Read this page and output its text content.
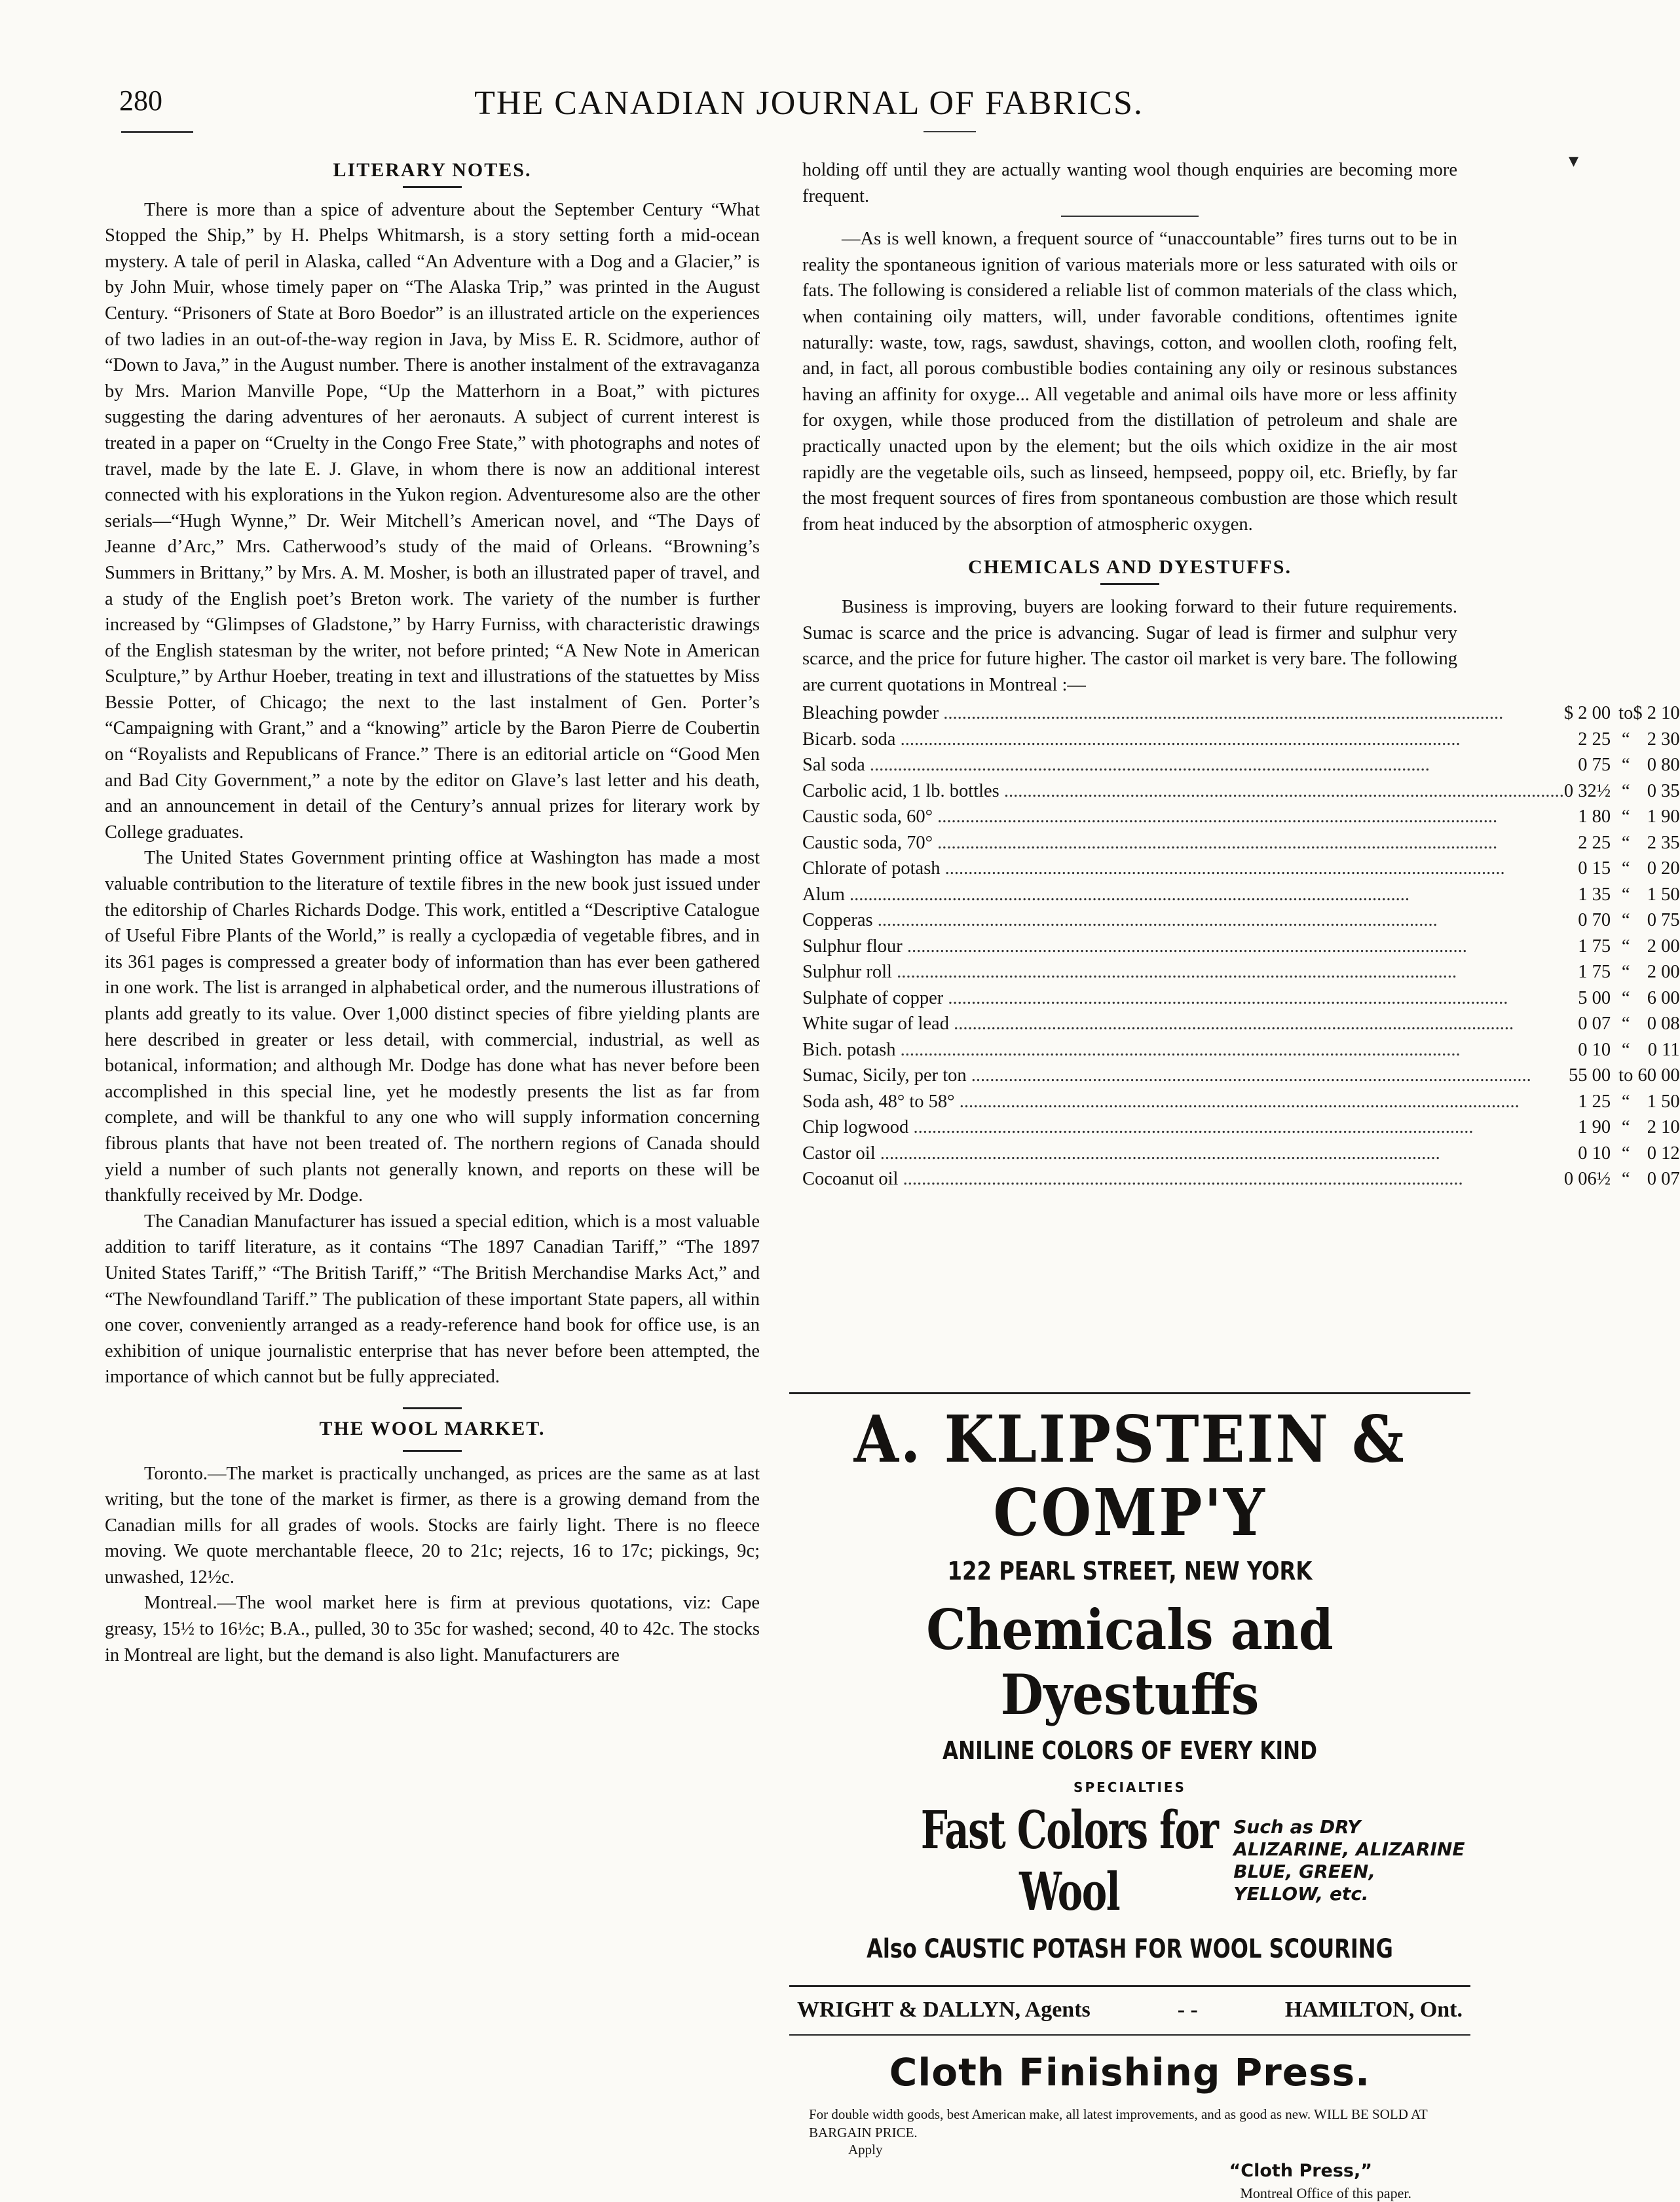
280	THE CANADIAN JOURNAL OF FABRICS.
LITERARY NOTES.

There is more than a spice of adventure about the September Century “What Stopped the Ship,” by H. Phelps Whitmarsh, is a story setting forth a mid-ocean mystery. A tale of peril in Alaska, called “An Adventure with a Dog and a Glacier,” is by John Muir, whose timely paper on “The Alaska Trip,” was printed in the August Century. “Prisoners of State at Boro Boedor” is an illustrated article on the experiences of two ladies in an out-of-the-way region in Java, by Miss E. R. Scidmore, author of “Down to Java,” in the August number. There is another instalment of the extravaganza by Mrs. Marion Manville Pope, “Up the Matterhorn in a Boat,” with pictures suggesting the daring adventures of her aeronauts. A subject of current interest is treated in a paper on “Cruelty in the Congo Free State,” with photographs and notes of travel, made by the late E. J. Glave, in whom there is now an additional interest connected with his explorations in the Yukon region. Adventuresome also are the other serials—“Hugh Wynne,” Dr. Weir Mitchell’s American novel, and “The Days of Jeanne d’Arc,” Mrs. Catherwood’s study of the maid of Orleans. “Browning’s Summers in Brittany,” by Mrs. A. M. Mosher, is both an illustrated paper of travel, and a study of the English poet’s Breton work. The variety of the number is further increased by “Glimpses of Gladstone,” by Harry Furniss, with characteristic drawings of the English statesman by the writer, not before printed; “A New Note in American Sculpture,” by Arthur Hoeber, treating in text and illustrations of the statuettes by Miss Bessie Potter, of Chicago; the next to the last instalment of Gen. Porter’s “Campaigning with Grant,” and a “knowing” article by the Baron Pierre de Coubertin on “Royalists and Republicans of France.” There is an editorial article on “Good Men and Bad City Government,” a note by the editor on Glave’s last letter and his death, and an announcement in detail of the Century’s annual prizes for literary work by College graduates.

The United States Government printing office at Washington has made a most valuable contribution to the literature of textile fibres in the new book just issued under the editorship of Charles Richards Dodge. This work, entitled a “Descriptive Catalogue of Useful Fibre Plants of the World,” is really a cyclopædia of vegetable fibres, and in its 361 pages is compressed a greater body of information than has ever been gathered in one work. The list is arranged in alphabetical order, and the numerous illustrations of plants add greatly to its value. Over 1,000 distinct species of fibre yielding plants are here described in greater or less detail, with commercial, industrial, as well as botanical, information; and although Mr. Dodge has done what has never before been accomplished in this special line, yet he modestly presents the list as far from complete, and will be thankful to any one who will supply information concerning fibrous plants that have not been treated of. The northern regions of Canada should yield a number of such plants not generally known, and reports on these will be thankfully received by Mr. Dodge.

The Canadian Manufacturer has issued a special edition, which is a most valuable addition to tariff literature, as it contains “The 1897 Canadian Tariff,” “The 1897 United States Tariff,” “The British Tariff,” “The British Merchandise Marks Act,” and “The Newfoundland Tariff.” The publication of these important State papers, all within one cover, conveniently arranged as a ready-reference hand book for office use, is an exhibition of unique journalistic enterprise that has never before been attempted, the importance of which cannot but be fully appreciated.

THE WOOL MARKET.

Toronto.—The market is practically unchanged, as prices are the same as at last writing, but the tone of the market is firmer, as there is a growing demand from the Canadian mills for all grades of wools. Stocks are fairly light. There is no fleece moving. We quote merchantable fleece, 20 to 21c; rejects, 16 to 17c; pickings, 9c; unwashed, 12½c.

Montreal.—The wool market here is firm at previous quotations, viz: Cape greasy, 15½ to 16½c; B.A., pulled, 30 to 35c for washed; second, 40 to 42c. The stocks in Montreal are light, but the demand is also light. Manufacturers are

holding off until they are actually wanting wool though enquiries are becoming more frequent.

—As is well known, a frequent source of “unaccountable” fires turns out to be in reality the spontaneous ignition of various materials more or less saturated with oils or fats. The following is considered a reliable list of common materials of the class which, when containing oily matters, will, under favorable conditions, oftentimes ignite naturally: waste, tow, rags, sawdust, shavings, cotton, and woollen cloth, roofing felt, and, in fact, all porous combustible bodies containing any oily or resinous substances having an affinity for oxyge... All vegetable and animal oils have more or less affinity for oxygen, while those produced from the distillation of petroleum and shale are practically unacted upon by the element; but the oils which oxidize in the air most rapidly are the vegetable oils, such as linseed, hempseed, poppy oil, etc. Briefly, by far the most frequent sources of fires from spontaneous combustion are those which result from heat induced by the absorption of atmospheric oxygen.

CHEMICALS AND DYESTUFFS.

Business is improving, buyers are looking forward to their future requirements. Sumac is scarce and the price is advancing. Sugar of lead is firmer and sulphur very scarce, and the price for future higher. The castor oil market is very bare. The following are current quotations in Montreal :—

Bleaching powder ........................................................................................................................	$ 2 00	to	$ 2 10
Bicarb. soda ........................................................................................................................	2 25	“	2 30
Sal soda ........................................................................................................................	0 75	“	0 80
Carbolic acid, 1 lb. bottles ........................................................................................................................	0 32½	“	0 35
Caustic soda, 60° ........................................................................................................................	1 80	“	1 90
Caustic soda, 70° ........................................................................................................................	2 25	“	2 35
Chlorate of potash ........................................................................................................................	0 15	“	0 20
Alum ........................................................................................................................	1 35	“	1 50
Copperas ........................................................................................................................	0 70	“	0 75
Sulphur flour ........................................................................................................................	1 75	“	2 00
Sulphur roll ........................................................................................................................	1 75	“	2 00
Sulphate of copper ........................................................................................................................	5 00	“	6 00
White sugar of lead ........................................................................................................................	0 07	“	0 08
Bich. potash ........................................................................................................................	0 10	“	0 11
Sumac, Sicily, per ton ........................................................................................................................	55 00	to	60 00
Soda ash, 48° to 58° ........................................................................................................................	1 25	“	1 50
Chip logwood ........................................................................................................................	1 90	“	2 10
Castor oil ........................................................................................................................	0 10	“	0 12
Cocoanut oil ........................................................................................................................	0 06½	“	0 07
A. KLIPSTEIN & COMP'Y
122 PEARL STREET, NEW YORK
Chemicals and Dyestuffs
ANILINE COLORS OF EVERY KIND
SPECIALTIES
Fast Colors for Wool
Such as DRY ALIZARINE, ALIZARINE BLUE, GREEN, YELLOW, etc.
Also CAUSTIC POTASH FOR WOOL SCOURING
WRIGHT & DALLYN, Agents	- -	HAMILTON, Ont.
Cloth Finishing Press.
For double width goods, best American make, all latest improvements, and as good as new. WILL BE SOLD AT BARGAIN PRICE.
Apply
“Cloth Press,”
Montreal Office of this paper.
▾
